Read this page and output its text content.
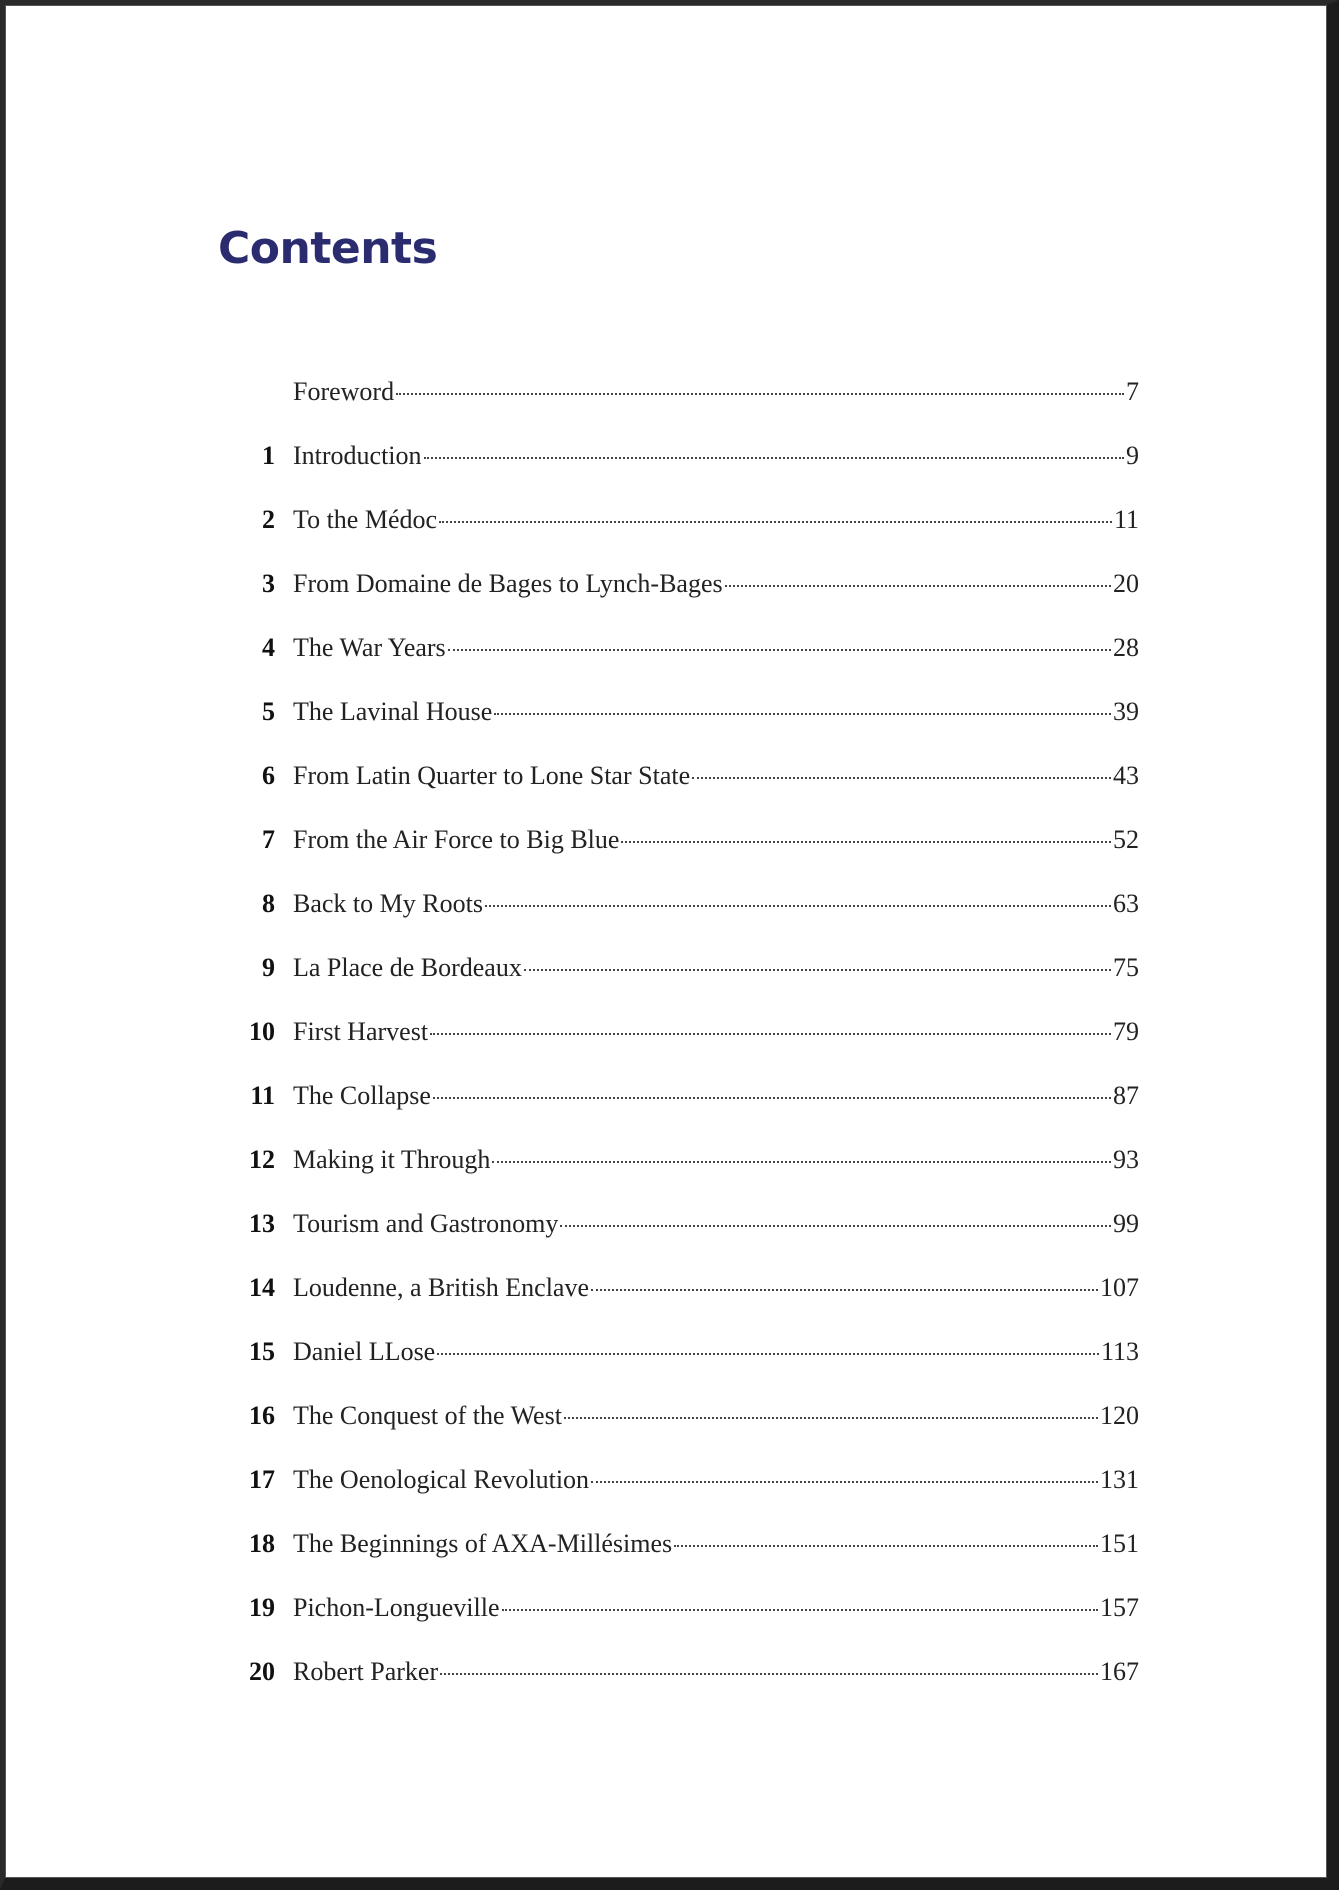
Contents
Foreword	7
1 Introduction	9
2 To the Médoc	11
3 From Domaine de Bages to Lynch-Bages	20
4 The War Years	28
5 The Lavinal House	39
6 From Latin Quarter to Lone Star State	43
7 From the Air Force to Big Blue	52
8 Back to My Roots	63
9 La Place de Bordeaux	75
10 First Harvest	79
11 The Collapse	87
12 Making it Through	93
13 Tourism and Gastronomy	99
14 Loudenne, a British Enclave	107
15 Daniel LLose	113
16 The Conquest of the West	120
17 The Oenological Revolution	131
18 The Beginnings of AXA-Millésimes	151
19 Pichon-Longueville	157
20 Robert Parker	167
